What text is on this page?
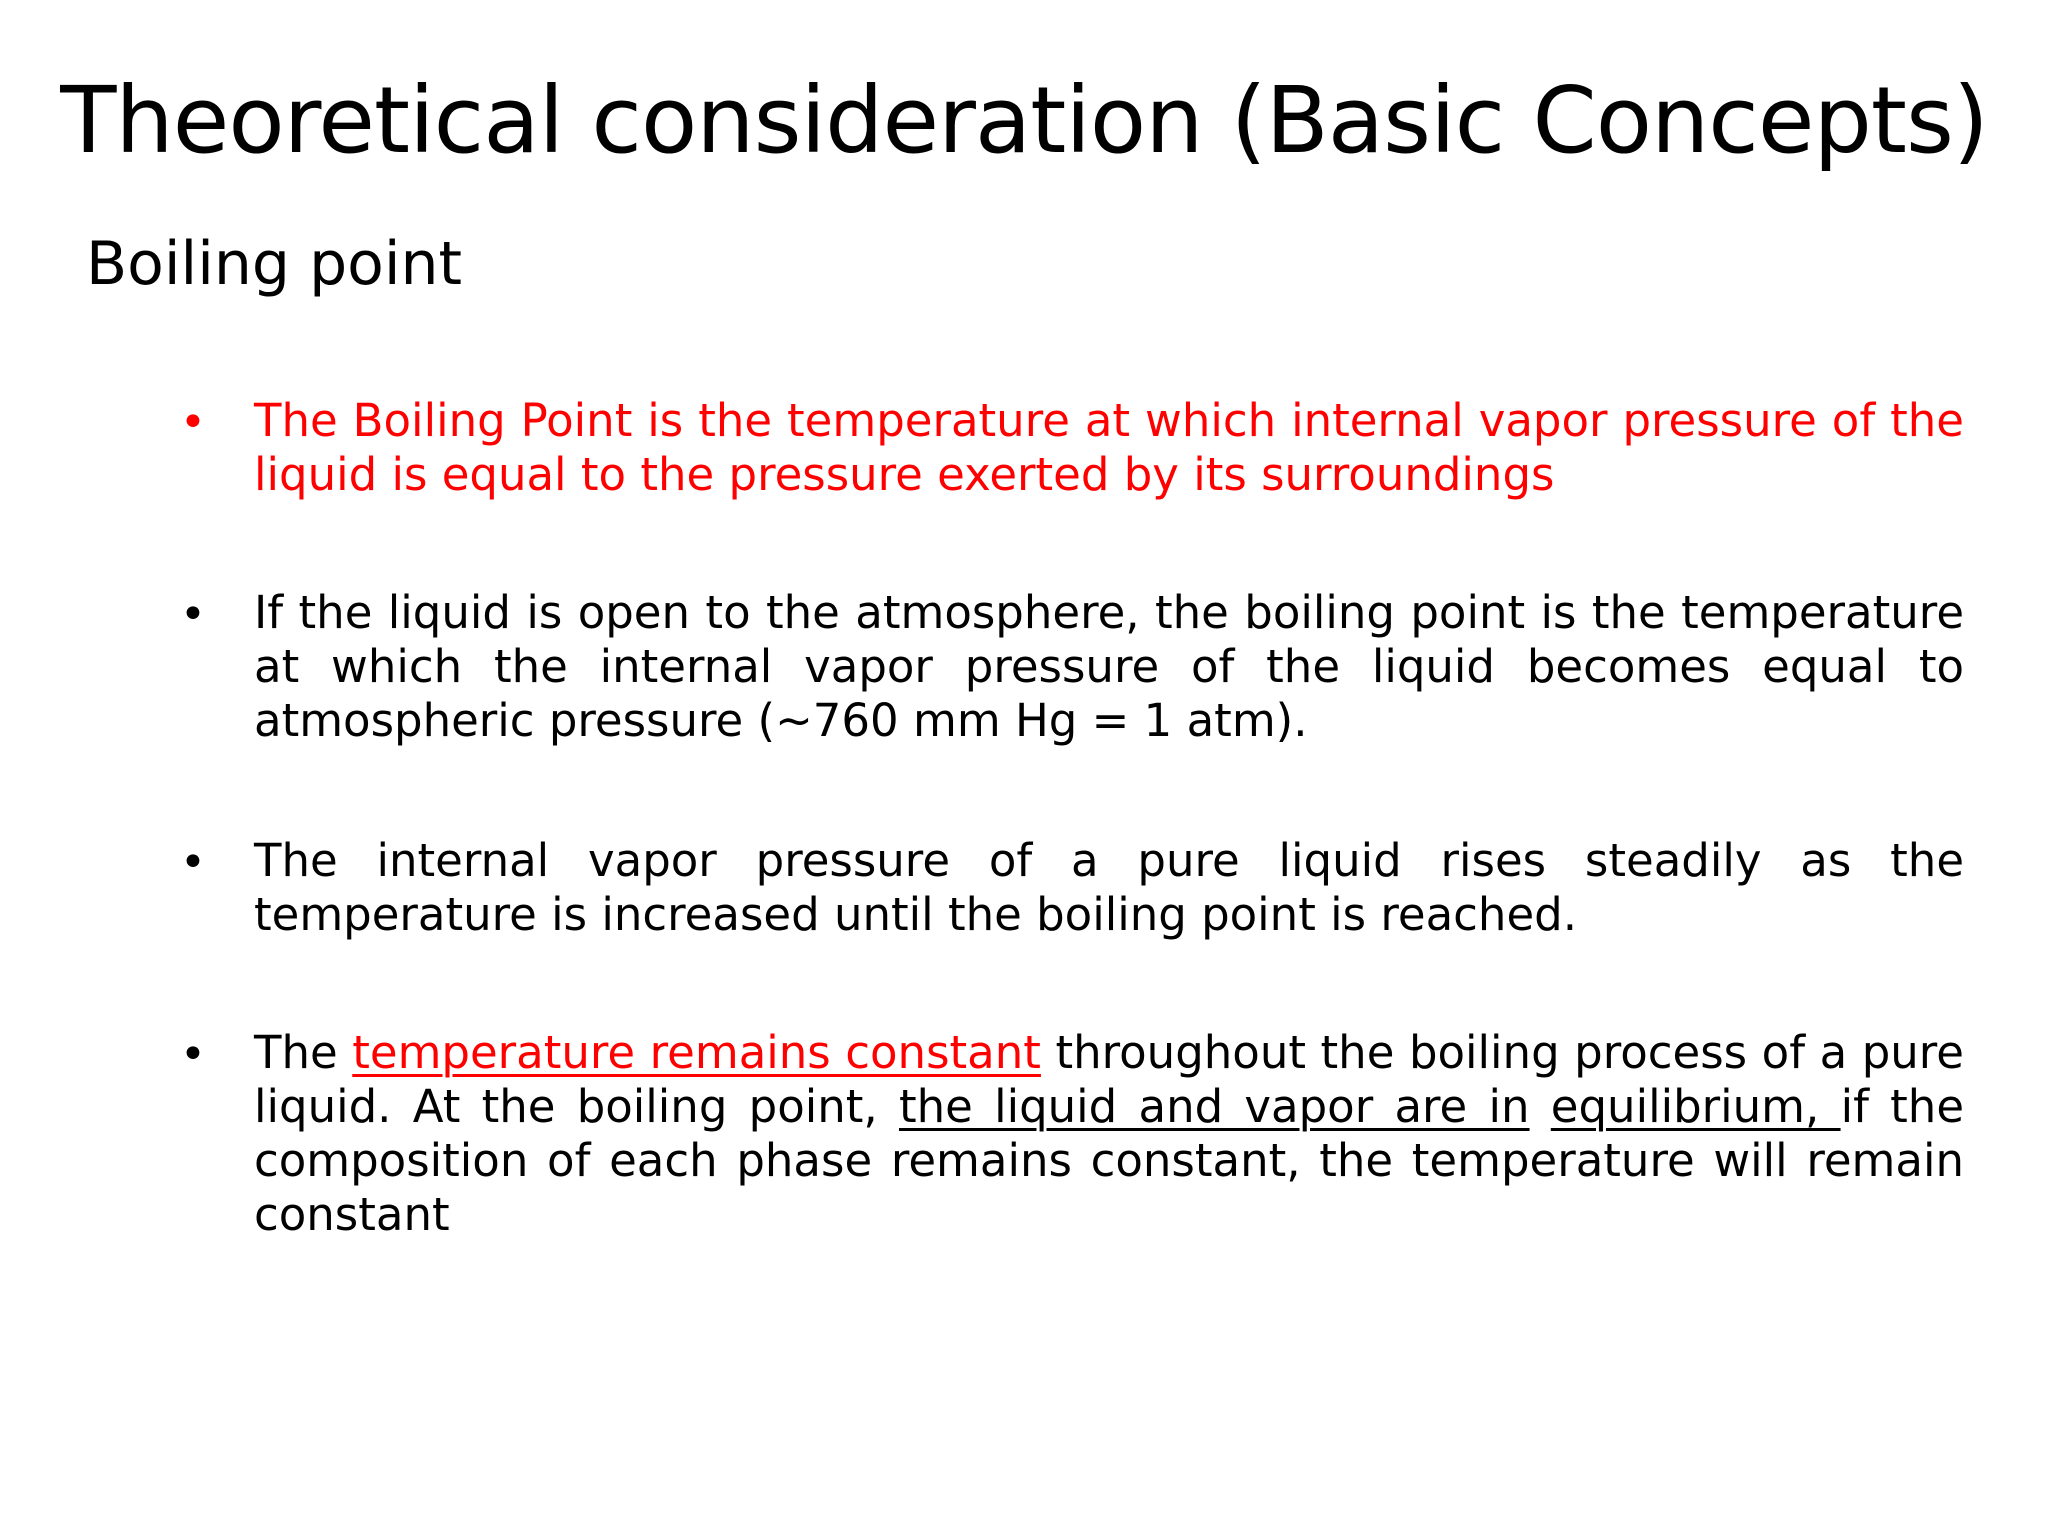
Theoretical consideration (Basic Concepts)
Boiling point
• The Boiling Point is the temperature at which internal vapor pressure of the liquid is equal to the pressure exerted by its surroundings
• If the liquid is open to the atmosphere, the boiling point is the temperature at which the internal vapor pressure of the liquid becomes equal to atmospheric pressure (~760 mm Hg = 1 atm).
• The internal vapor pressure of a pure liquid rises steadily as the temperature is increased until the boiling point is reached.
• The temperature remains constant throughout the boiling process of a pure liquid. At the boiling point, the liquid and vapor are in equilibrium, if the composition of each phase remains constant, the temperature will remain constant
